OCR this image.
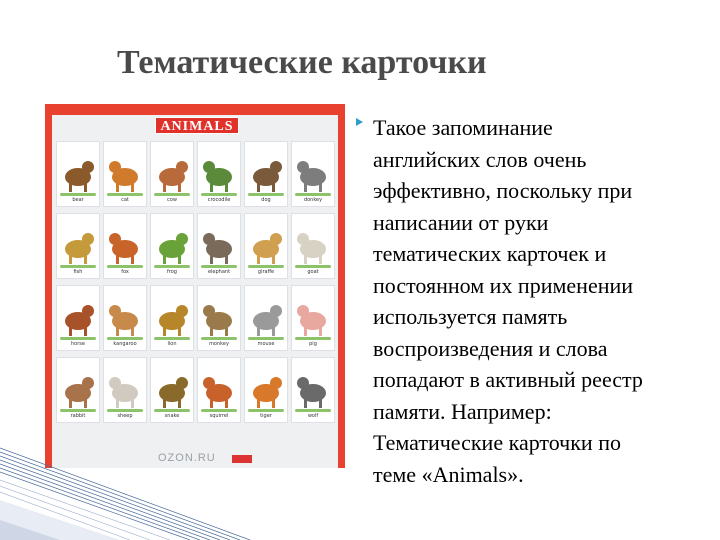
Тематические карточки
ANIMALS
bear	cat	cow	crocodile	dog	donkey
fish	fox	frog	elephant	giraffe	goat
horse	kangaroo	lion	monkey	mouse	pig
rabbit	sheep	snake	squirrel	tiger	wolf
OZON.RU
Такое запоминание
английских слов очень
эффективно, поскольку при
написании от руки
тематических карточек и
постоянном их применении
используется память
воспроизведения и слова
попадают в активный реестр
памяти. Например:
Тематические карточки по
теме «Animals».
